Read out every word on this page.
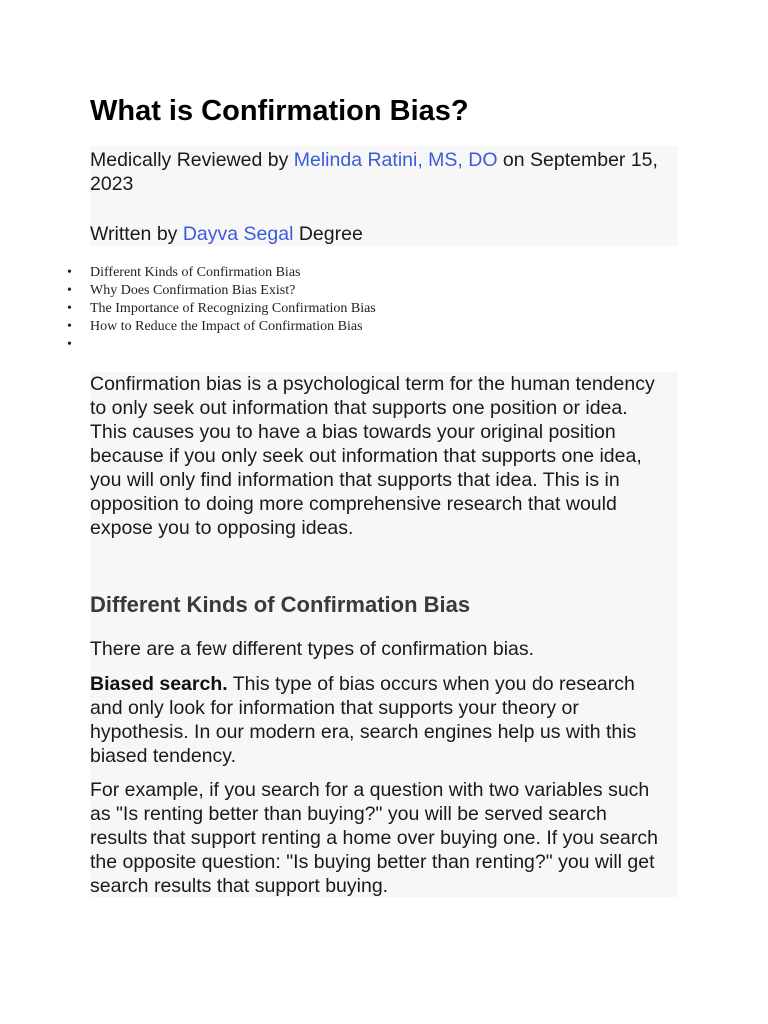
What is Confirmation Bias?
Medically Reviewed by Melinda Ratini, MS, DO on September 15,
2023
Written by Dayva Segal Degree
• Different Kinds of Confirmation Bias
• Why Does Confirmation Bias Exist?
• The Importance of Recognizing Confirmation Bias
• How to Reduce the Impact of Confirmation Bias
•

Confirmation bias is a psychological term for the human tendency
to only seek out information that supports one position or idea.
This causes you to have a bias towards your original position
because if you only seek out information that supports one idea,
you will only find information that supports that idea. This is in
opposition to doing more comprehensive research that would
expose you to opposing ideas.

Different Kinds of Confirmation Bias

There are a few different types of confirmation bias.

Biased search. This type of bias occurs when you do research
and only look for information that supports your theory or
hypothesis. In our modern era, search engines help us with this
biased tendency.

For example, if you search for a question with two variables such
as "Is renting better than buying?" you will be served search
results that support renting a home over buying one. If you search
the opposite question: "Is buying better than renting?" you will get
search results that support buying.
